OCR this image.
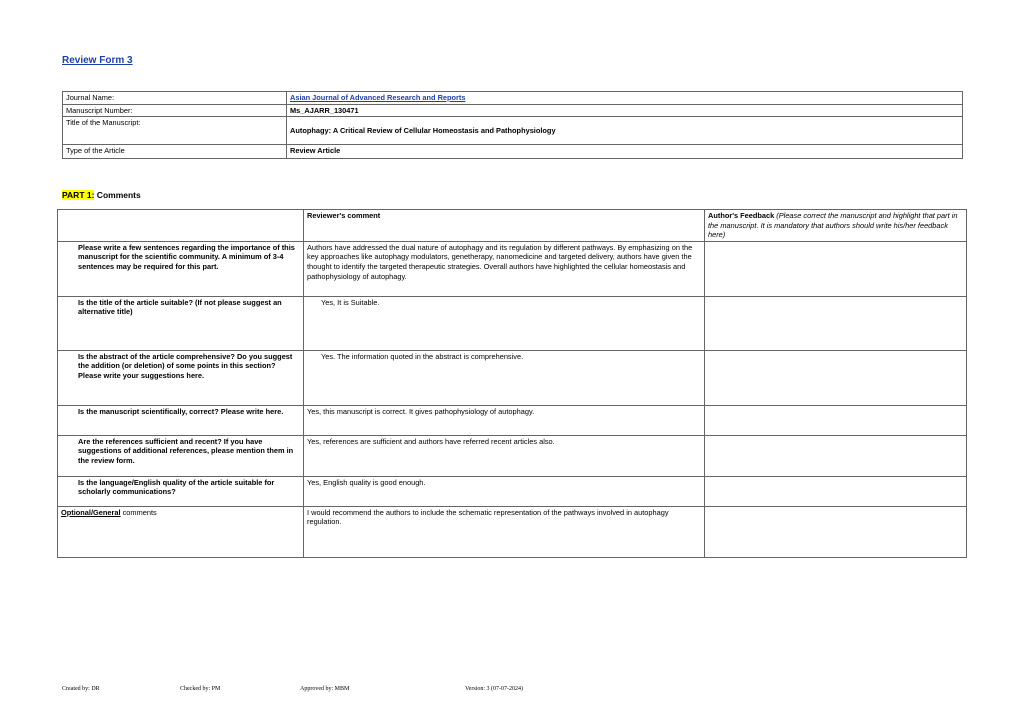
Review Form 3
Journal Name:	Asian Journal of Advanced Research and Reports
Manuscript Number:	Ms_AJARR_130471
Title of the Manuscript:	Autophagy: A Critical Review of Cellular Homeostasis and Pathophysiology
Type of the Article	Review Article
PART 1: Comments
	Reviewer's comment	Author's Feedback (Please correct the manuscript and highlight that part in the manuscript. It is mandatory that authors should write his/her feedback here)
Please write a few sentences regarding the importance of this manuscript for the scientific community. A minimum of 3-4 sentences may be required for this part.	Authors have addressed the dual nature of autophagy and its regulation by different pathways. By emphasizing on the key approaches like autophagy modulators, genetherapy, nanomedicine and targeted delivery, authors have given the thought to identify the targeted therapeutic strategies. Overall authors have highlighted the cellular homeostasis and pathophysiology of autophagy.	
Is the title of the article suitable? (If not please suggest an alternative title)	Yes, It is Suitable.	
Is the abstract of the article comprehensive? Do you suggest the addition (or deletion) of some points in this section? Please write your suggestions here.	Yes. The information quoted in the abstract is comprehensive.	
Is the manuscript scientifically, correct? Please write here.	Yes, this manuscript is correct. It gives pathophysiology of autophagy.	
Are the references sufficient and recent? If you have suggestions of additional references, please mention them in the review form.	Yes, references are sufficient and authors have referred recent articles also.	
Is the language/English quality of the article suitable for scholarly communications?	Yes, English quality is good enough.	
Optional/General comments	I would recommend the authors to include the schematic representation of the pathways involved in autophagy regulation.	
Created by: DR	Checked by: PM	Approved by: MBM	Version: 3 (07-07-2024)
